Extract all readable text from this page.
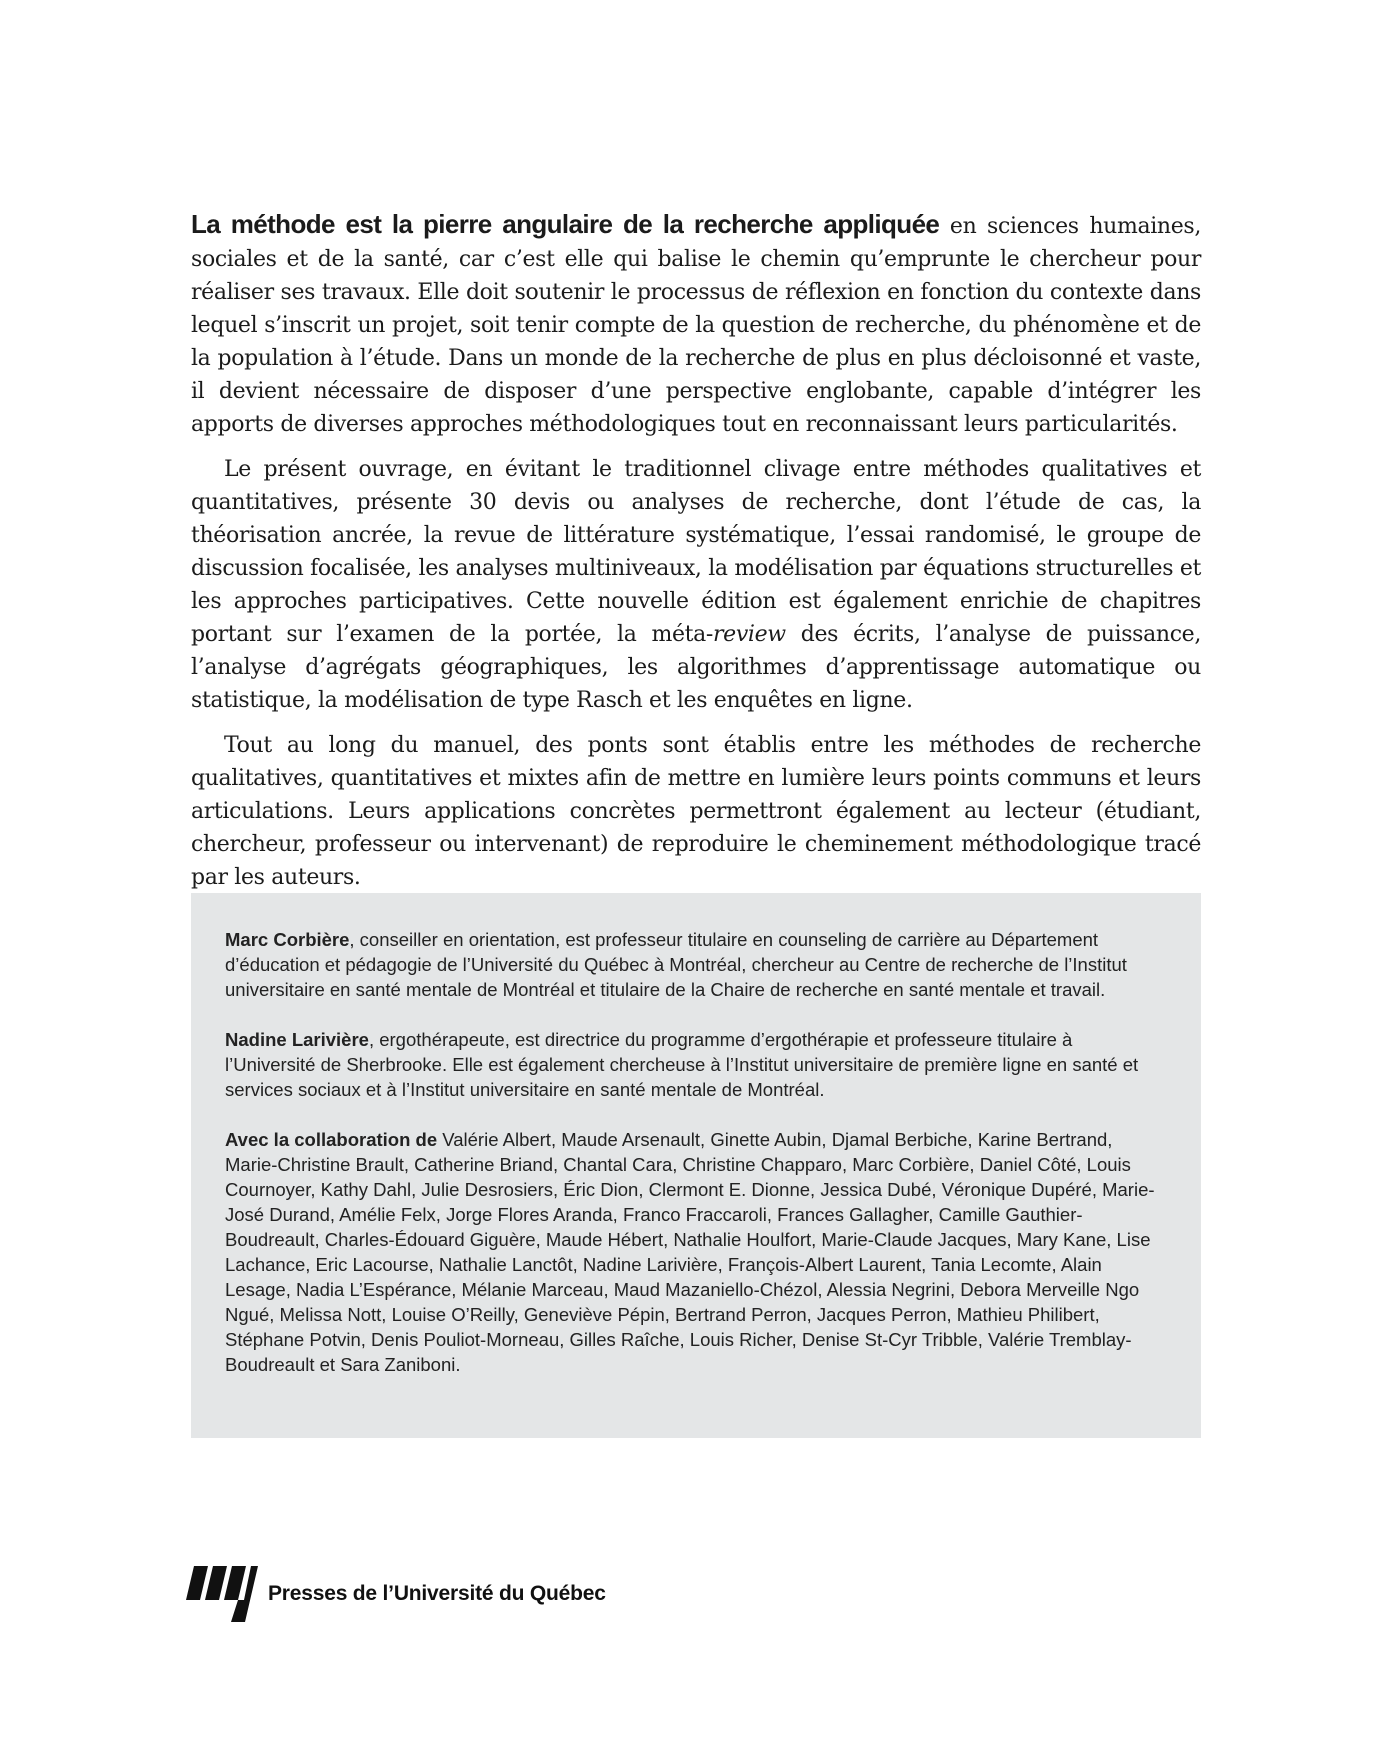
La méthode est la pierre angulaire de la recherche appliquée en sciences humaines, sociales et de la santé, car c’est elle qui balise le chemin qu’emprunte le chercheur pour réaliser ses travaux. Elle doit soutenir le processus de réflexion en fonction du contexte dans lequel s’inscrit un projet, soit tenir compte de la question de recherche, du phénomène et de la population à l’étude. Dans un monde de la recherche de plus en plus décloisonné et vaste, il devient nécessaire de disposer d’une perspective englobante, capable d’intégrer les apports de diverses approches méthodologiques tout en reconnaissant leurs particularités.

Le présent ouvrage, en évitant le traditionnel clivage entre méthodes qualitatives et quantitatives, présente 30 devis ou analyses de recherche, dont l’étude de cas, la théorisation ancrée, la revue de littérature systématique, l’essai randomisé, le groupe de discussion focalisée, les analyses multiniveaux, la modélisation par équations structurelles et les approches participatives. Cette nouvelle édition est également enrichie de chapitres portant sur l’examen de la portée, la méta-review des écrits, l’analyse de puissance, l’analyse d’agrégats géographiques, les algorithmes d’apprentissage automatique ou statistique, la modélisation de type Rasch et les enquêtes en ligne.

Tout au long du manuel, des ponts sont établis entre les méthodes de recherche qualitatives, quantitatives et mixtes afin de mettre en lumière leurs points communs et leurs articulations. Leurs applications concrètes permettront également au lecteur (étudiant, chercheur, professeur ou intervenant) de reproduire le cheminement méthodologique tracé par les auteurs.

Marc Corbière, conseiller en orientation, est professeur titulaire en counseling de carrière au Département d’éducation et pédagogie de l’Université du Québec à Montréal, chercheur au Centre de recherche de l’Institut universitaire en santé mentale de Montréal et titulaire de la Chaire de recherche en santé mentale et travail.

Nadine Larivière, ergothérapeute, est directrice du programme d’ergothérapie et professeure titulaire à l’Université de Sherbrooke. Elle est également chercheuse à l’Institut universitaire de première ligne en santé et services sociaux et à l’Institut universitaire en santé mentale de Montréal.

Avec la collaboration de Valérie Albert, Maude Arsenault, Ginette Aubin, Djamal Berbiche, Karine Bertrand, Marie-Christine Brault, Catherine Briand, Chantal Cara, Christine Chapparo, Marc Corbière, Daniel Côté, Louis Cournoyer, Kathy Dahl, Julie Desrosiers, Éric Dion, Clermont E. Dionne, Jessica Dubé, Véronique Dupéré, Marie-José Durand, Amélie Felx, Jorge Flores Aranda, Franco Fraccaroli, Frances Gallagher, Camille Gauthier-Boudreault, Charles-Édouard Giguère, Maude Hébert, Nathalie Houlfort, Marie-Claude Jacques, Mary Kane, Lise Lachance, Eric Lacourse, Nathalie Lanctôt, Nadine Larivière, François-Albert Laurent, Tania Lecomte, Alain Lesage, Nadia L’Espérance, Mélanie Marceau, Maud Mazaniello-Chézol, Alessia Negrini, Debora Merveille Ngo Ngué, Melissa Nott, Louise O’Reilly, Geneviève Pépin, Bertrand Perron, Jacques Perron, Mathieu Philibert, Stéphane Potvin, Denis Pouliot-Morneau, Gilles Raîche, Louis Richer, Denise St-Cyr Tribble, Valérie Tremblay-Boudreault et Sara Zaniboni.

Presses de l’Université du Québec
